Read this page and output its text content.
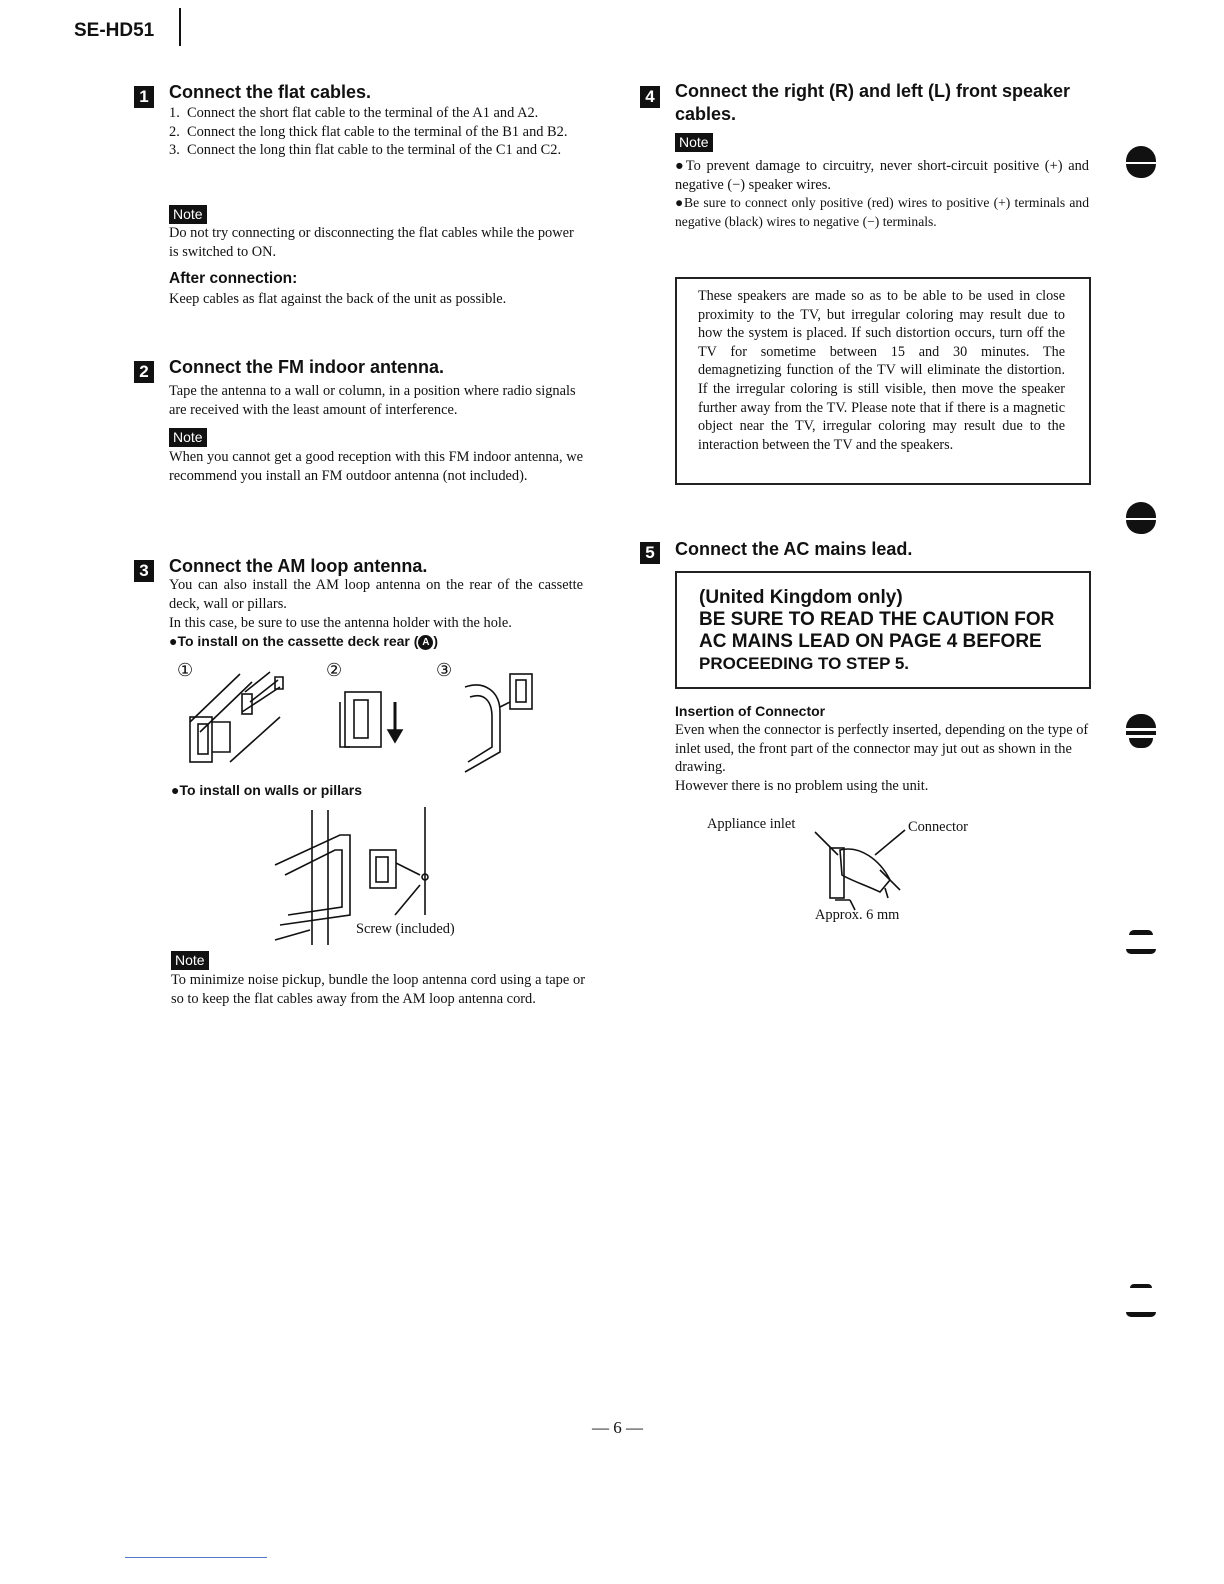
SE-HD51
1 Connect the flat cables.
1. Connect the short flat cable to the terminal of the A1 and A2.
2. Connect the long thick flat cable to the terminal of the B1 and B2.
3. Connect the long thin flat cable to the terminal of the C1 and C2.
Note
Do not try connecting or disconnecting the flat cables while the power is switched to ON.
After connection:
Keep cables as flat against the back of the unit as possible.
2 Connect the FM indoor antenna.
Tape the antenna to a wall or column, in a position where radio signals are received with the least amount of interference.
Note
When you cannot get a good reception with this FM indoor antenna, we recommend you install an FM outdoor antenna (not included).
3 Connect the AM loop antenna.
You can also install the AM loop antenna on the rear of the cassette deck, wall or pillars.
In this case, be sure to use the antenna holder with the hole.
●To install on the cassette deck rear ( A )
①	②	③
●To install on walls or pillars
Screw (included)
Note
To minimize noise pickup, bundle the loop antenna cord using a tape or so to keep the flat cables away from the AM loop antenna cord.
4 Connect the right (R) and left (L) front speaker cables.
Note
●To prevent damage to circuitry, never short-circuit positive (+) and negative (−) speaker wires.
●Be sure to connect only positive (red) wires to positive (+) terminals and negative (black) wires to negative (−) terminals.
These speakers are made so as to be able to be used in close proximity to the TV, but irregular coloring may result due to how the system is placed. If such distortion occurs, turn off the TV for sometime between 15 and 30 minutes. The demagnetizing function of the TV will eliminate the distortion. If the irregular coloring is still visible, then move the speaker further away from the TV. Please note that if there is a magnetic object near the TV, irregular coloring may result due to the interaction between the TV and the speakers.
5 Connect the AC mains lead.
(United Kingdom only)
BE SURE TO READ THE CAUTION FOR
AC MAINS LEAD ON PAGE 4 BEFORE
PROCEEDING TO STEP 5.
Insertion of Connector
Even when the connector is perfectly inserted, depending on the type of inlet used, the front part of the connector may jut out as shown in the drawing.
However there is no problem using the unit.
Appliance inlet	Connector
Approx. 6 mm
— 6 —
